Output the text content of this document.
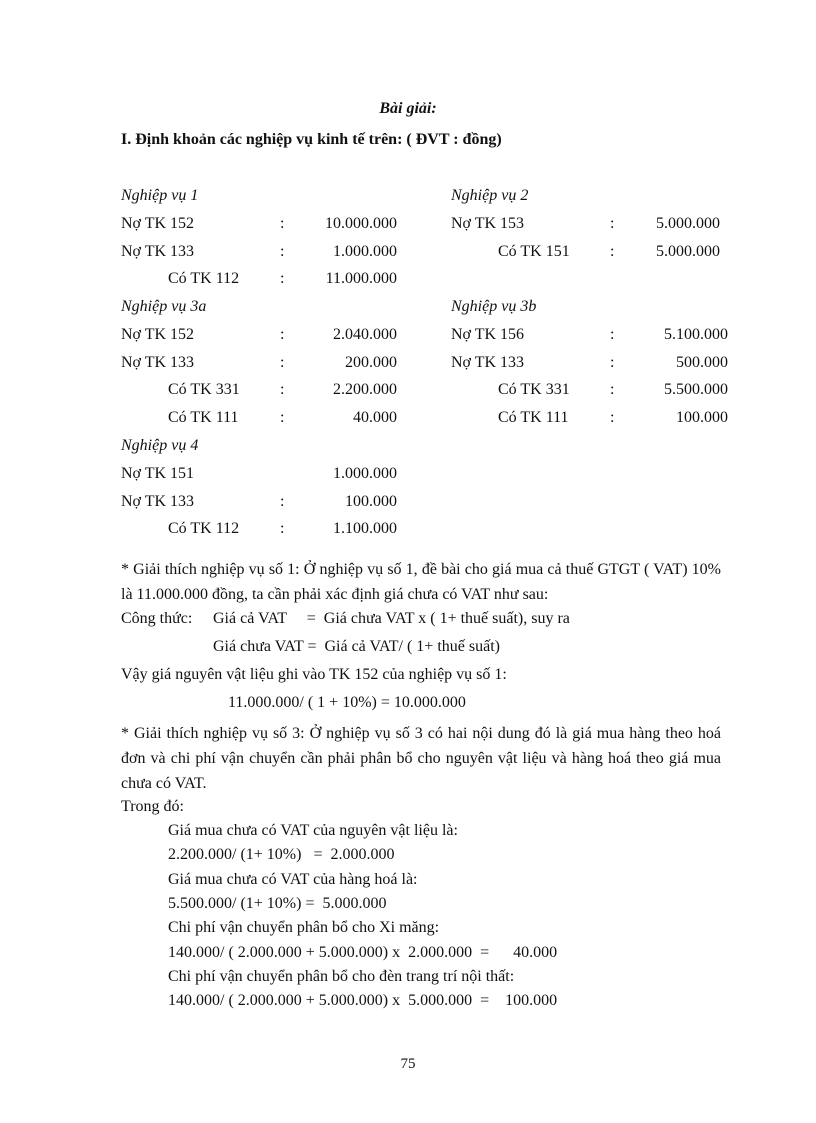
Bài giải:
I. Định khoản các nghiệp vụ kinh tế trên: ( ĐVT : đồng)
Nghiệp vụ 1
Nợ TK 152	:	10.000.000
Nợ TK 133	:	1.000.000
Có TK 112	:	11.000.000
Nghiệp vụ 2
Nợ TK 153	:	5.000.000
Có TK 151	:	5.000.000
Nghiệp vụ 3a
Nợ TK 152	:	2.040.000
Nợ TK 133	:	200.000
Có TK 331	:	2.200.000
Có TK 111	:	40.000
Nghiệp vụ 3b
Nợ TK 156	:	5.100.000
Nợ TK 133	:	500.000
Có TK 331	:	5.500.000
Có TK 111	:	100.000
Nghiệp vụ 4
Nợ TK 151	1.000.000
Nợ TK 133	:	100.000
Có TK 112	:	1.100.000
* Giải thích nghiệp vụ số 1: Ở nghiệp vụ số 1, đề bài cho giá mua cả thuế GTGT ( VAT) 10% là 11.000.000 đồng, ta cần phải xác định giá chưa có VAT như sau:
Công thức: Giá cả VAT     =  Giá chưa VAT x ( 1+ thuế suất), suy ra
Giá chưa VAT =  Giá cả VAT/ ( 1+ thuế suất)
Vậy giá nguyên vật liệu ghi vào TK 152 của nghiệp vụ số 1:
11.000.000/ ( 1 + 10%) = 10.000.000
* Giải thích nghiệp vụ số 3: Ở nghiệp vụ số 3 có hai nội dung đó là giá mua hàng theo hoá đơn và chi phí vận chuyển cần phải phân bổ cho nguyên vật liệu và hàng hoá theo giá mua chưa có VAT.
Trong đó:
Giá mua chưa có VAT của nguyên vật liệu là:
2.200.000/ (1+ 10%)   =  2.000.000
Giá mua chưa có VAT của hàng hoá là:
5.500.000/ (1+ 10%) =  5.000.000
Chi phí vận chuyển phân bổ cho Xi măng:
140.000/ ( 2.000.000 + 5.000.000) x  2.000.000  =      40.000
Chi phí vận chuyển phân bổ cho đèn trang trí nội thất:
140.000/ ( 2.000.000 + 5.000.000) x  5.000.000  =    100.000
75
